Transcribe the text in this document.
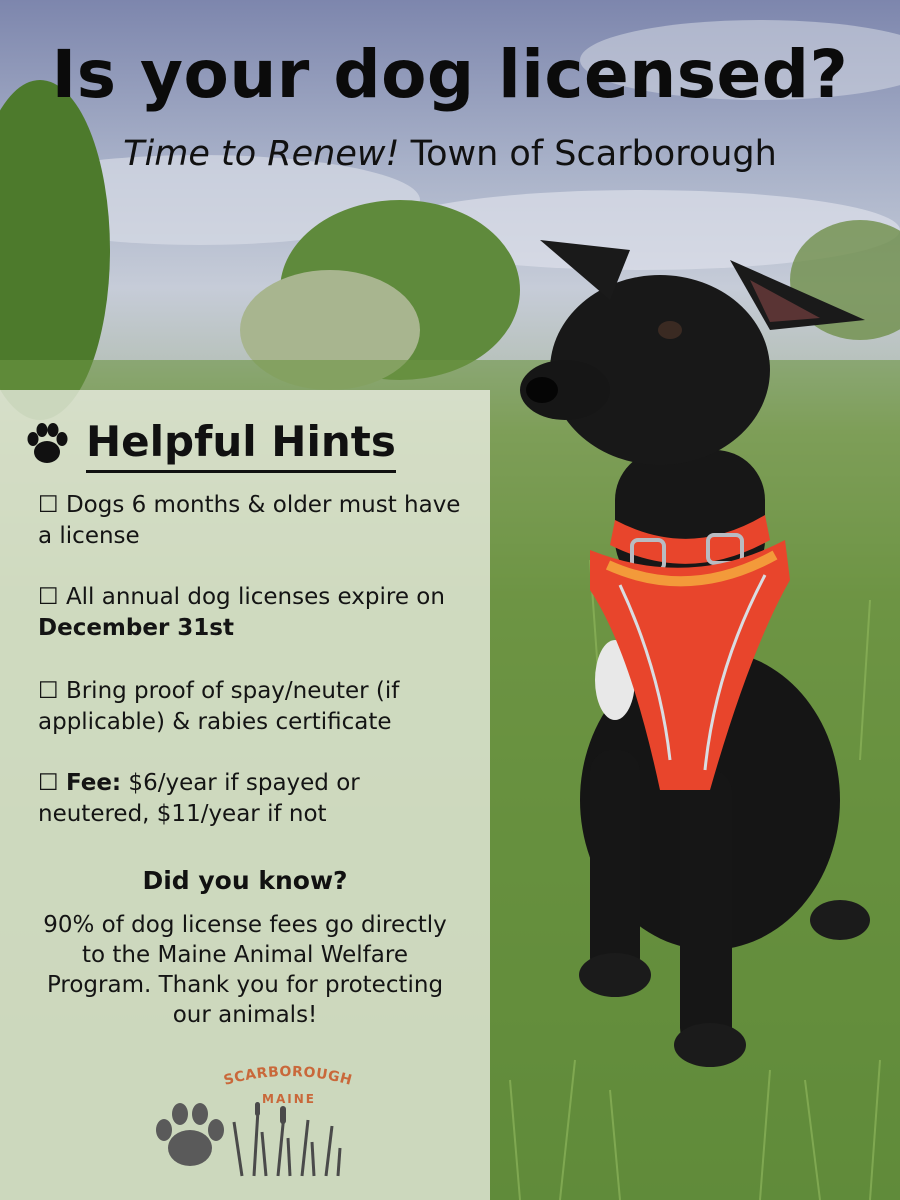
Is your dog licensed?
Time to Renew! Town of Scarborough
Helpful Hints
☐ Dogs 6 months & older must have a license
☐ All annual dog licenses expire on December 31st
☐ Bring proof of spay/neuter (if applicable) & rabies certificate
☐ Fee: $6/year if spayed or neutered, $11/year if not
Did you know?
90% of dog license fees go directly to the Maine Animal Welfare Program. Thank you for protecting our animals!
SCARBOROUGH
MAINE
